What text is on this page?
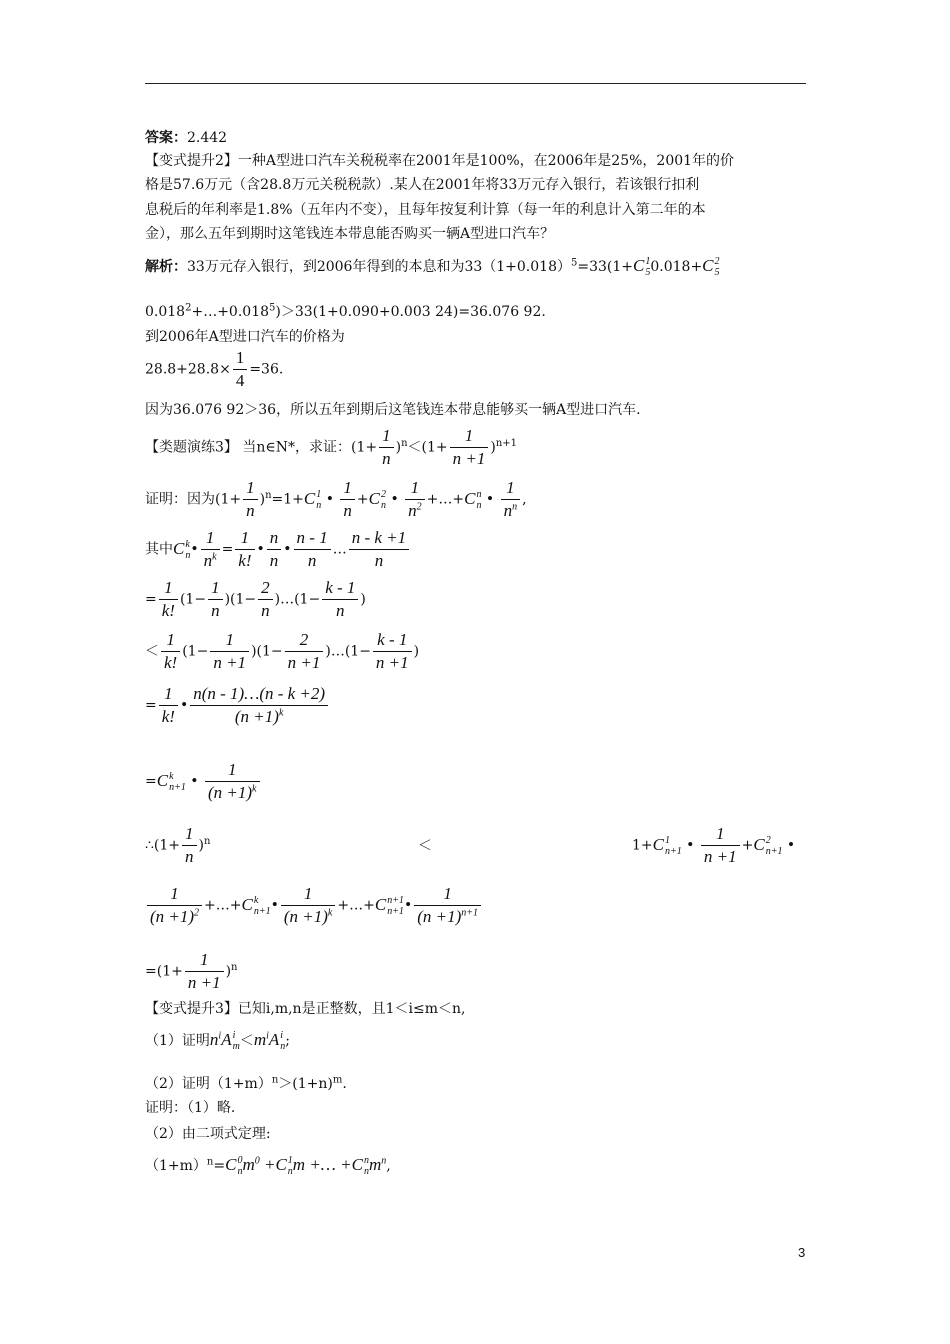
答案：2.442
【变式提升2】一种A型进口汽车关税税率在2001年是100%，在2006年是25%，2001年的价
格是57.6万元（含28.8万元关税税款）.某人在2001年将33万元存入银行，若该银行扣利
息税后的年利率是1.8%（五年内不变），且每年按复利计算（每一年的利息计入第二年的本
金），那么五年到期时这笔钱连本带息能否购买一辆A型进口汽车？
解析：33万元存入银行，到2006年得到的本息和为$33(1+0.018)^5=33(1+C$ 1
5 0.018+C 2
5
$0.018^2+\dots+0.018^5)>33(1+0.090+0.003$ 24)=36.076 92.
到2006年A型进口汽车的价格为
$28.8+28.8\times \frac{1}{4} =36$.
因为36.076 92＞36，所以五年到期后这笔钱连本带息能够买一辆A型进口汽车.
【类题演练3】 当n∈N*，求证：$(1+ \frac{1}{n} )^n<(1+ \frac{1}{n +1} )^{n+1}$
证明：因为$(1+ \frac{1}{n} )^n=1+C$ 1
n • $\frac{1}{n} +C$ 2
n • $\frac{1}{n^2}$ +…+C n
n • $\frac{1}{n^n}$ ,
其中C k
n • $\frac{1}{n^k} = \frac{1}{k!}$ • $\frac{n}{n}$ • $\frac{n - 1}{n}$ … $\frac{n - k +1}{n}$
= $\frac{1}{k!} (1- \frac{1}{n} )(1- \frac{2}{n}$ )…(1− $\frac{k - 1}{n}$ )
＜ $\frac{1}{k!} (1- \frac{1}{n +1} )(1- \frac{2}{n +1}$ )…(1− $\frac{k - 1}{n +1}$ )
= $\frac{1}{k!}$ • $\frac{n(n - 1)\dots(n - k +2)}{(n +1)^k}$
=C k
n+1 • $\frac{1}{(n +1)^k}$
∴(1+ $\frac{1}{n} )^n$	＜	1+C 1
n+1 • $\frac{1}{n +1} +C$ 2
n+1 •
$\frac{1}{(n +1)^2}$ +…+C k
n+1 • $\frac{1}{(n +1)^k}$ +…+C n+1
n+1 • $\frac{1}{(n +1)^{n+1}}$
$=(1+ \frac{1}{n +1} )^n$
【变式提升3】已知i,m,n是正整数，且1＜i≤m＜n,
（1）证明$n^iA$ i
$m <m^iA$ i
n ;
（2）证明$(1+m)^n>(1+n)^m$.
证明：（1）略.
（2）由二项式定理:
$(1+m)^n=C$ 0
n $m^0 +C$ 1
n m +… +C n
n $m^n$,
3
